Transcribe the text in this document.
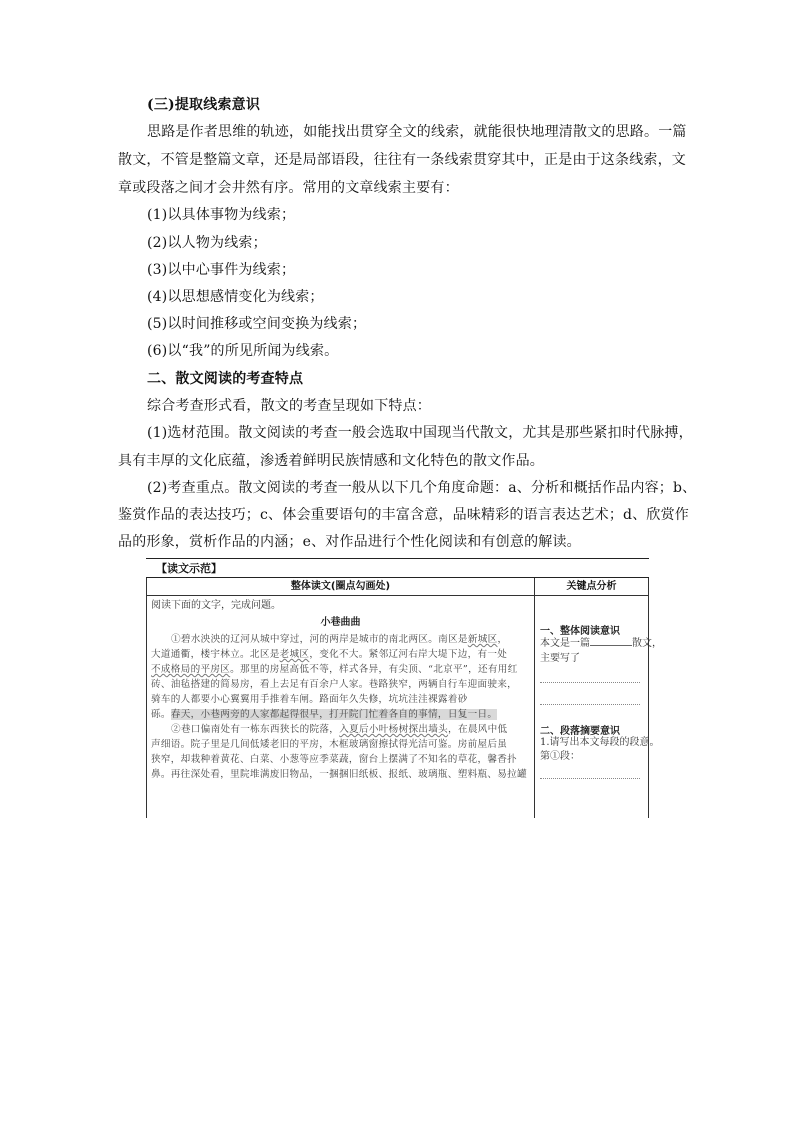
(三)提取线索意识
思路是作者思维的轨迹，如能找出贯穿全文的线索，就能很快地理清散文的思路。一篇
散文，不管是整篇文章，还是局部语段，往往有一条线索贯穿其中，正是由于这条线索，文
章或段落之间才会井然有序。常用的文章线索主要有：
(1)以具体事物为线索；
(2)以人物为线索；
(3)以中心事件为线索；
(4)以思想感情变化为线索；
(5)以时间推移或空间变换为线索；
(6)以“我”的所见所闻为线索。
二、散文阅读的考查特点
综合考查形式看，散文的考查呈现如下特点：
(1)选材范围。散文阅读的考查一般会选取中国现当代散文，尤其是那些紧扣时代脉搏，
具有丰厚的文化底蕴，渗透着鲜明民族情感和文化特色的散文作品。
(2)考查重点。散文阅读的考查一般从以下几个角度命题：a、分析和概括作品内容；b、
鉴赏作品的表达技巧；c、体会重要语句的丰富含意，品味精彩的语言表达艺术；d、欣赏作
品的形象，赏析作品的内涵；e、对作品进行个性化阅读和有创意的解读。
【读文示范】
整体读文(圈点勾画处)	关键点分析
阅读下面的文字，完成问题。
小巷曲曲
①碧水泱泱的辽河从城中穿过，河的两岸是城市的南北两区。南区是新城区，
大道通衢，楼宇林立。北区是老城区，变化不大。紧邻辽河右岸大堤下边，有一处
不成格局的平房区。那里的房屋高低不等，样式各异，有尖顶、“北京平”，还有用红
砖、油毡搭建的简易房，看上去足有百余户人家。巷路狭窄，两辆自行车迎面驶来，
骑车的人都要小心翼翼用手推着车闸。路面年久失修，坑坑洼洼裸露着砂
砾。春天，小巷两旁的人家都起得很早，打开院门忙着各自的事情，日复一日。
②巷口偏南处有一栋东西狭长的院落，入夏后小叶杨树探出墙头，在晨风中低
声细语。院子里是几间低矮老旧的平房，木框玻璃窗擦拭得光洁可鉴。房前屋后虽
狭窄，却栽种着黄花、白菜、小葱等应季菜蔬，窗台上摆满了不知名的草花，馨香扑
鼻。再往深处看，里院堆满废旧物品，一捆捆旧纸板、报纸、玻璃瓶、塑料瓶、易拉罐
一、整体阅读意识
本文是一篇	散文，
主要写了
二、段落摘要意识
1.请写出本文每段的段意。
第①段：
